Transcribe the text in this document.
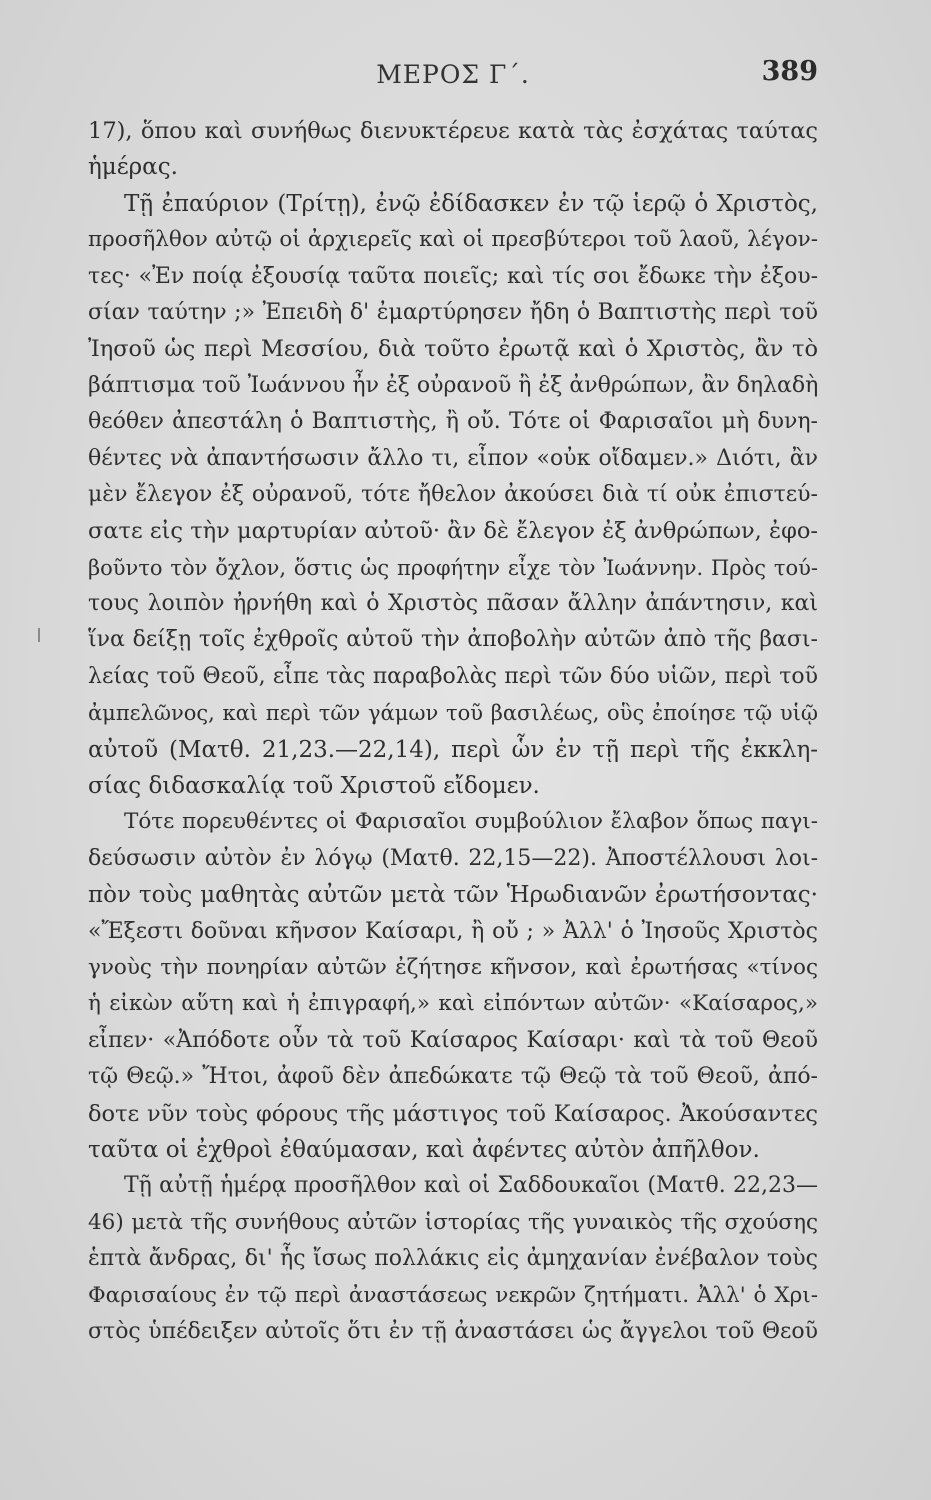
ΜΕΡΟΣ Γ΄.	389
17), ὅπου καὶ συνήθως διενυκτέρευε κατὰ τὰς ἐσχάτας ταύτας
ἡμέρας.
Τῇ ἐπαύριον (Τρίτῃ), ἐνῷ ἐδίδασκεν ἐν τῷ ἱερῷ ὁ Χριστὸς,
προσῆλθον αὐτῷ οἱ ἀρχιερεῖς καὶ οἱ πρεσβύτεροι τοῦ λαοῦ, λέγον-
τες· «Ἐν ποίᾳ ἐξουσίᾳ ταῦτα ποιεῖς; καὶ τίς σοι ἔδωκε τὴν ἐξου-
σίαν ταύτην ;» Ἐπειδὴ δ' ἐμαρτύρησεν ἤδη ὁ Βαπτιστὴς περὶ τοῦ
Ἰησοῦ ὡς περὶ Μεσσίου, διὰ τοῦτο ἐρωτᾷ καὶ ὁ Χριστὸς, ἂν τὸ
βάπτισμα τοῦ Ἰωάννου ἦν ἐξ οὐρανοῦ ἢ ἐξ ἀνθρώπων, ἂν δηλαδὴ
θεόθεν ἀπεστάλη ὁ Βαπτιστὴς, ἢ οὔ. Τότε οἱ Φαρισαῖοι μὴ δυνη-
θέντες νὰ ἀπαντήσωσιν ἄλλο τι, εἶπον «οὐκ οἴδαμεν.» Διότι, ἂν
μὲν ἔλεγον ἐξ οὐρανοῦ, τότε ἤθελον ἀκούσει διὰ τί οὐκ ἐπιστεύ-
σατε εἰς τὴν μαρτυρίαν αὐτοῦ· ἂν δὲ ἔλεγον ἐξ ἀνθρώπων, ἐφο-
βοῦντο τὸν ὄχλον, ὅστις ὡς προφήτην εἶχε τὸν Ἰωάννην. Πρὸς τού-
τους λοιπὸν ἠρνήθη καὶ ὁ Χριστὸς πᾶσαν ἄλλην ἀπάντησιν, καὶ
ἵνα δείξῃ τοῖς ἐχθροῖς αὐτοῦ τὴν ἀποβολὴν αὐτῶν ἀπὸ τῆς βασι-
λείας τοῦ Θεοῦ, εἶπε τὰς παραβολὰς περὶ τῶν δύο υἱῶν, περὶ τοῦ
ἀμπελῶνος, καὶ περὶ τῶν γάμων τοῦ βασιλέως, οὓς ἐποίησε τῷ υἱῷ
αὐτοῦ (Ματθ. 21,23.—22,14), περὶ ὧν ἐν τῇ περὶ τῆς ἐκκλη-
σίας διδασκαλίᾳ τοῦ Χριστοῦ εἴδομεν.
Τότε πορευθέντες οἱ Φαρισαῖοι συμβούλιον ἔλαβον ὅπως παγι-
δεύσωσιν αὐτὸν ἐν λόγῳ (Ματθ. 22,15—22). Ἀποστέλλουσι λοι-
πὸν τοὺς μαθητὰς αὐτῶν μετὰ τῶν Ἡρωδιανῶν ἐρωτήσοντας·
«Ἔξεστι δοῦναι κῆνσον Καίσαρι, ἢ οὔ ; » Ἀλλ' ὁ Ἰησοῦς Χριστὸς
γνοὺς τὴν πονηρίαν αὐτῶν ἐζήτησε κῆνσον, καὶ ἐρωτήσας «τίνος
ἡ εἰκὼν αὕτη καὶ ἡ ἐπιγραφή,» καὶ εἰπόντων αὐτῶν· «Καίσαρος,»
εἶπεν· «Ἀπόδοτε οὖν τὰ τοῦ Καίσαρος Καίσαρι· καὶ τὰ τοῦ Θεοῦ
τῷ Θεῷ.» Ἤτοι, ἀφοῦ δὲν ἀπεδώκατε τῷ Θεῷ τὰ τοῦ Θεοῦ, ἀπό-
δοτε νῦν τοὺς φόρους τῆς μάστιγος τοῦ Καίσαρος. Ἀκούσαντες
ταῦτα οἱ ἐχθροὶ ἐθαύμασαν, καὶ ἀφέντες αὐτὸν ἀπῆλθον.
Τῇ αὐτῇ ἡμέρᾳ προσῆλθον καὶ οἱ Σαδδουκαῖοι (Ματθ. 22,23—
46) μετὰ τῆς συνήθους αὐτῶν ἱστορίας τῆς γυναικὸς τῆς σχούσης
ἑπτὰ ἄνδρας, δι' ἧς ἴσως πολλάκις εἰς ἀμηχανίαν ἐνέβαλον τοὺς
Φαρισαίους ἐν τῷ περὶ ἀναστάσεως νεκρῶν ζητήματι. Ἀλλ' ὁ Χρι-
στὸς ὑπέδειξεν αὐτοῖς ὅτι ἐν τῇ ἀναστάσει ὡς ἄγγελοι τοῦ Θεοῦ
